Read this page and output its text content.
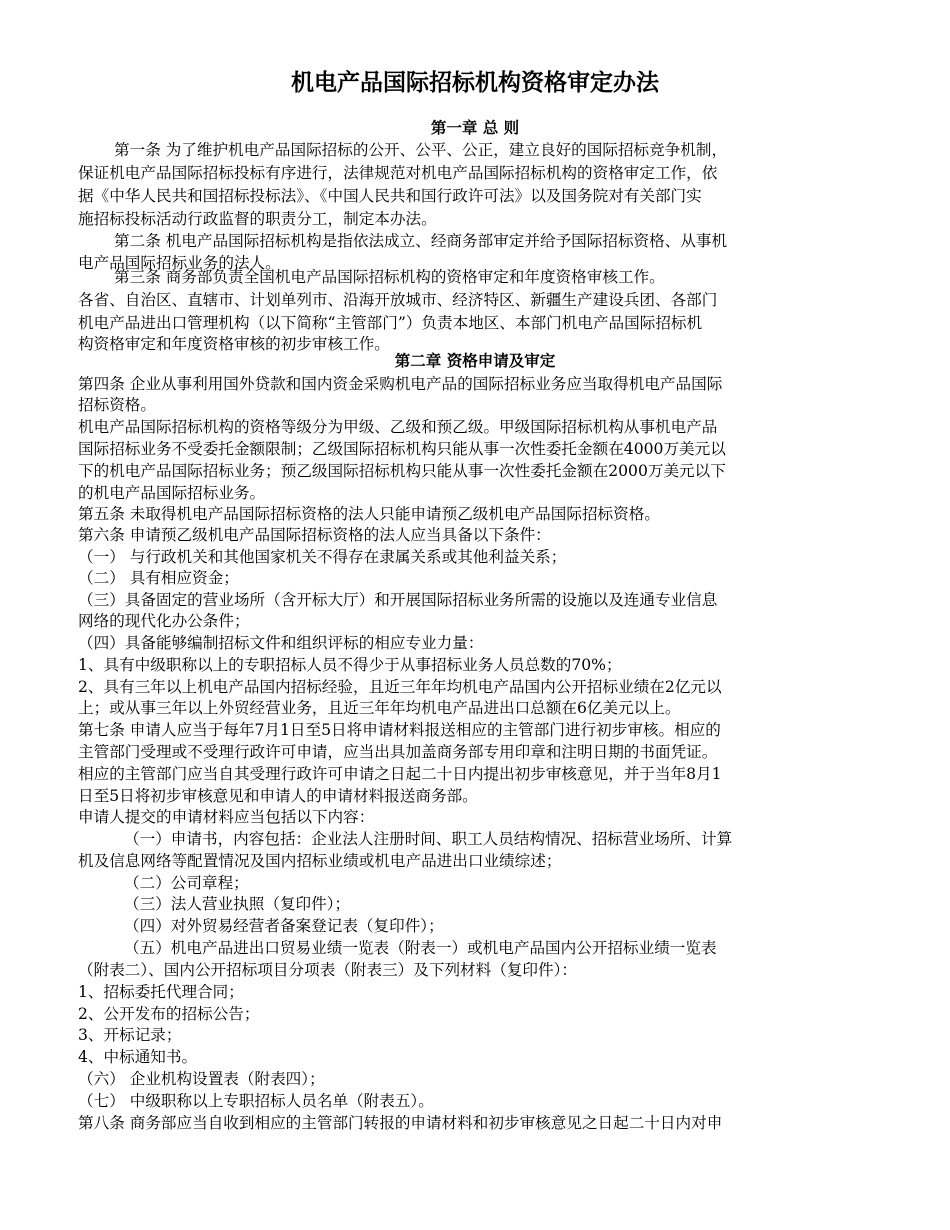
机电产品国际招标机构资格审定办法
第一章 总 则
第一条 为了维护机电产品国际招标的公开、公平、公正，建立良好的国际招标竞争机制，
保证机电产品国际招标投标有序进行，法律规范对机电产品国际招标机构的资格审定工作，依
据《中华人民共和国招标投标法》、《中国人民共和国行政许可法》以及国务院对有关部门实
施招标投标活动行政监督的职责分工，制定本办法。
第二条 机电产品国际招标机构是指依法成立、经商务部审定并给予国际招标资格、从事机
电产品国际招标业务的法人。
第三条 商务部负责全国机电产品国际招标机构的资格审定和年度资格审核工作。
各省、自治区、直辖市、计划单列市、沿海开放城市、经济特区、新疆生产建设兵团、各部门
机电产品进出口管理机构（以下简称“主管部门”）负责本地区、本部门机电产品国际招标机
构资格审定和年度资格审核的初步审核工作。
第二章 资格申请及审定
第四条 企业从事利用国外贷款和国内资金采购机电产品的国际招标业务应当取得机电产品国际
招标资格。
机电产品国际招标机构的资格等级分为甲级、乙级和预乙级。甲级国际招标机构从事机电产品
国际招标业务不受委托金额限制；乙级国际招标机构只能从事一次性委托金额在4000万美元以
下的机电产品国际招标业务；预乙级国际招标机构只能从事一次性委托金额在2000万美元以下
的机电产品国际招标业务。
第五条 未取得机电产品国际招标资格的法人只能申请预乙级机电产品国际招标资格。
第六条 申请预乙级机电产品国际招标资格的法人应当具备以下条件：
（一） 与行政机关和其他国家机关不得存在隶属关系或其他利益关系；
（二） 具有相应资金；
（三）具备固定的营业场所（含开标大厅）和开展国际招标业务所需的设施以及连通专业信息
网络的现代化办公条件；
（四）具备能够编制招标文件和组织评标的相应专业力量：
1、具有中级职称以上的专职招标人员不得少于从事招标业务人员总数的70%；
2、具有三年以上机电产品国内招标经验，且近三年年均机电产品国内公开招标业绩在2亿元以
上；或从事三年以上外贸经营业务，且近三年年均机电产品进出口总额在6亿美元以上。
第七条 申请人应当于每年7月1日至5日将申请材料报送相应的主管部门进行初步审核。相应的
主管部门受理或不受理行政许可申请，应当出具加盖商务部专用印章和注明日期的书面凭证。
相应的主管部门应当自其受理行政许可申请之日起二十日内提出初步审核意见，并于当年8月1
日至5日将初步审核意见和申请人的申请材料报送商务部。
申请人提交的申请材料应当包括以下内容：
（一）申请书，内容包括：企业法人注册时间、职工人员结构情况、招标营业场所、计算
机及信息网络等配置情况及国内招标业绩或机电产品进出口业绩综述；
（二）公司章程；
（三）法人营业执照（复印件）；
（四）对外贸易经营者备案登记表（复印件）；
（五）机电产品进出口贸易业绩一览表（附表一）或机电产品国内公开招标业绩一览表
（附表二）、国内公开招标项目分项表（附表三）及下列材料（复印件）：
1、招标委托代理合同；
2、公开发布的招标公告；
3、开标记录；
4、中标通知书。
（六） 企业机构设置表（附表四）；
（七） 中级职称以上专职招标人员名单（附表五）。
第八条 商务部应当自收到相应的主管部门转报的申请材料和初步审核意见之日起二十日内对申
